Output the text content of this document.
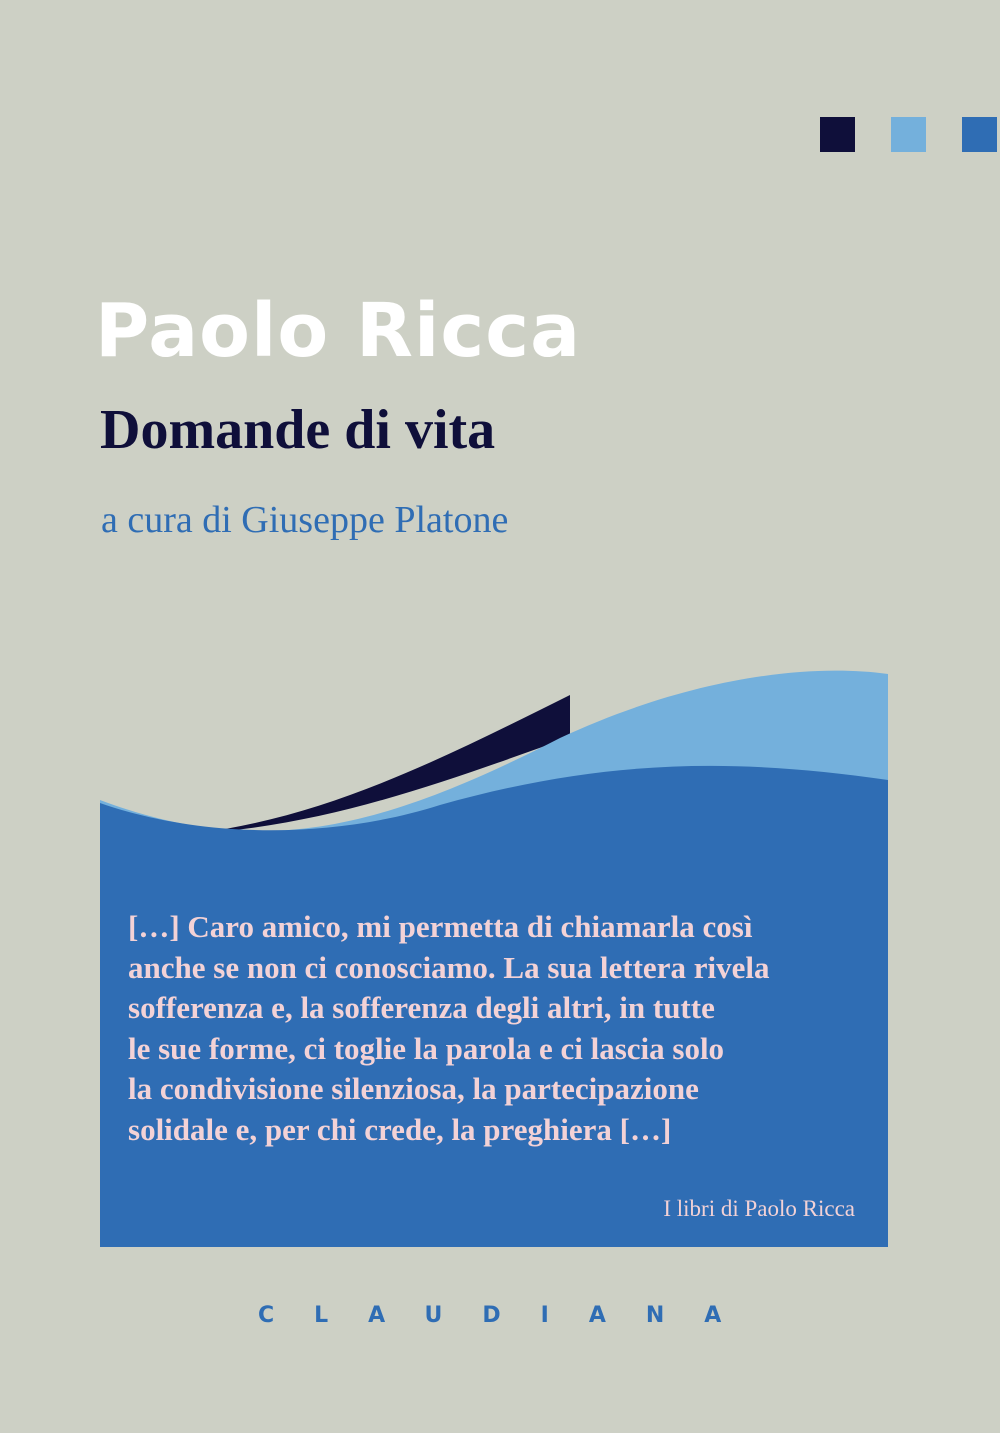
Paolo Ricca
Domande di vita

a cura di Giuseppe Platone

[…] Caro amico, mi permetta di chiamarla così
anche se non ci conosciamo. La sua lettera rivela
sofferenza e, la sofferenza degli altri, in tutte
le sue forme, ci toglie la parola e ci lascia solo
la condivisione silenziosa, la partecipazione
solidale e, per chi crede, la preghiera […]

I libri di Paolo Ricca

CLAUDIANA
